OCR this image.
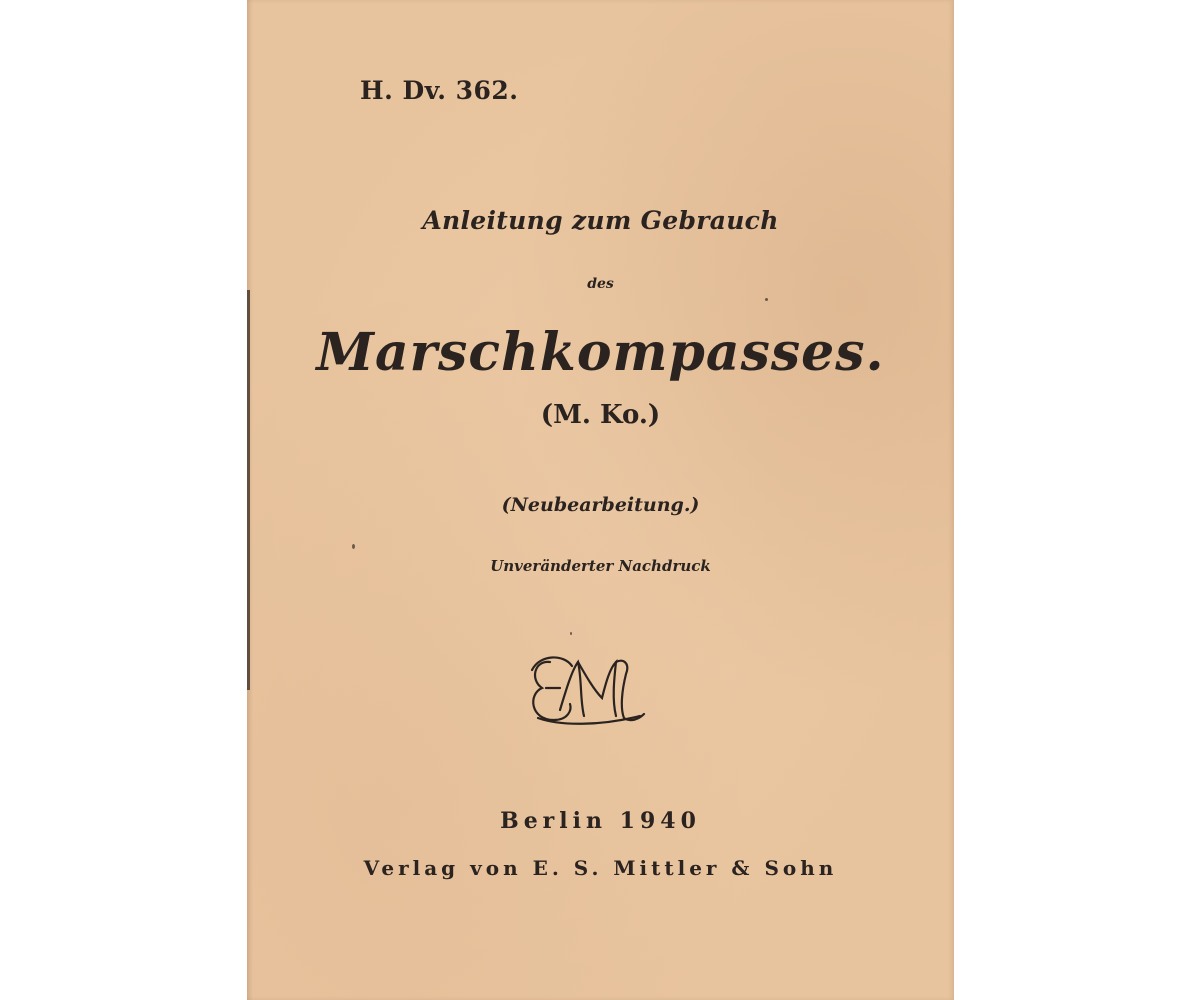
H. Dv. 362.
Anleitung zum Gebrauch
des
Marschkompasses.
(M. Ko.)
(Neubearbeitung.)
Unveränderter Nachdruck
Berlin 1940
Verlag von E. S. Mittler & Sohn
